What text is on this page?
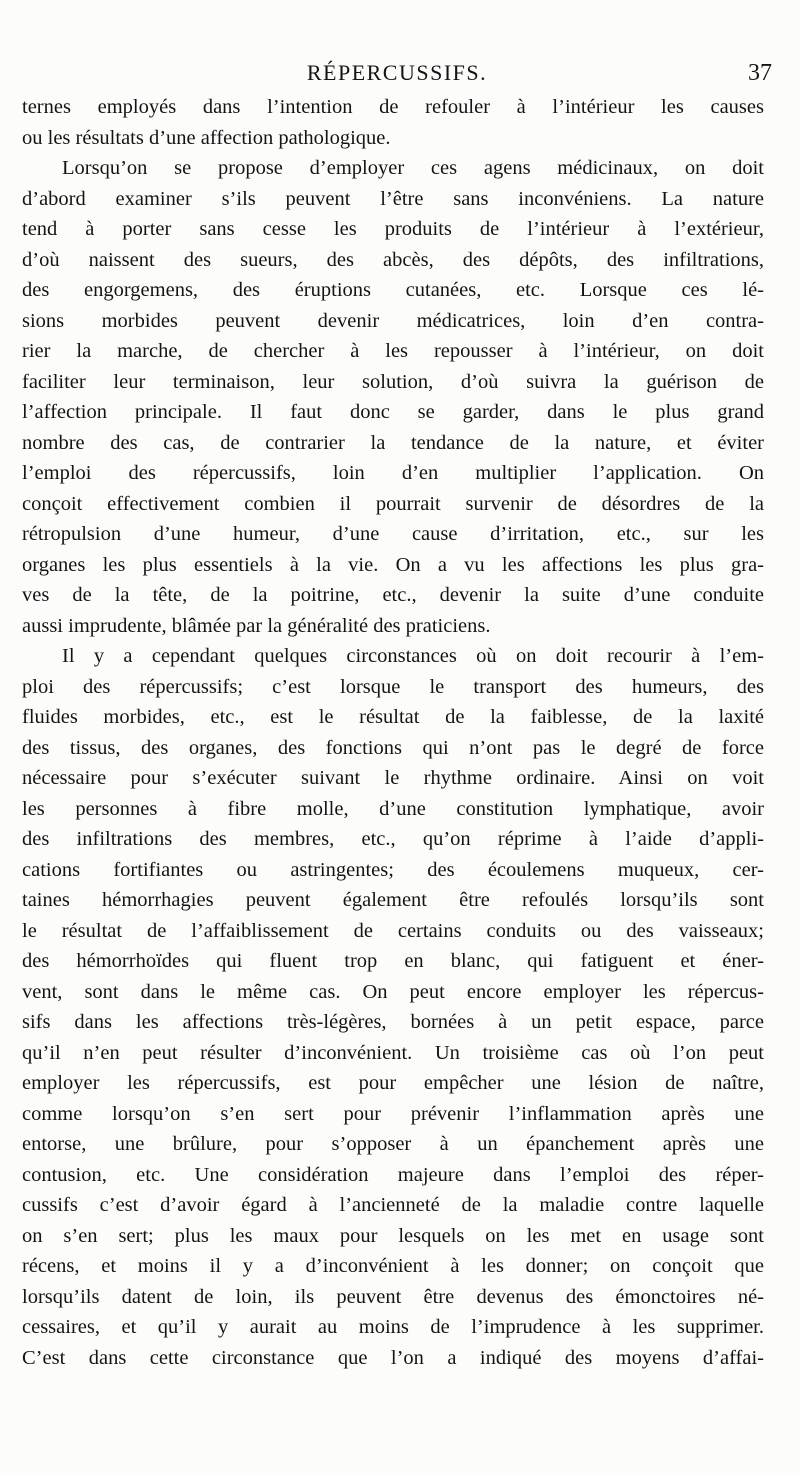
RÉPERCUSSIFS.	37
ternes employés dans l’intention de refouler à l’intérieur les causes
ou les résultats d’une affection pathologique.
Lorsqu’on se propose d’employer ces agens médicinaux, on doit
d’abord examiner s’ils peuvent l’être sans inconvéniens. La nature
tend à porter sans cesse les produits de l’intérieur à l’extérieur,
d’où naissent des sueurs, des abcès, des dépôts, des infiltrations,
des engorgemens, des éruptions cutanées, etc. Lorsque ces lé-
sions morbides peuvent devenir médicatrices, loin d’en contra-
rier la marche, de chercher à les repousser à l’intérieur, on doit
faciliter leur terminaison, leur solution, d’où suivra la guérison de
l’affection principale. Il faut donc se garder, dans le plus grand
nombre des cas, de contrarier la tendance de la nature, et éviter
l’emploi des répercussifs, loin d’en multiplier l’application. On
conçoit effectivement combien il pourrait survenir de désordres de la
rétropulsion d’une humeur, d’une cause d’irritation, etc., sur les
organes les plus essentiels à la vie. On a vu les affections les plus gra-
ves de la tête, de la poitrine, etc., devenir la suite d’une conduite
aussi imprudente, blâmée par la généralité des praticiens.
Il y a cependant quelques circonstances où on doit recourir à l’em-
ploi des répercussifs; c’est lorsque le transport des humeurs, des
fluides morbides, etc., est le résultat de la faiblesse, de la laxité
des tissus, des organes, des fonctions qui n’ont pas le degré de force
nécessaire pour s’exécuter suivant le rhythme ordinaire. Ainsi on voit
les personnes à fibre molle, d’une constitution lymphatique, avoir
des infiltrations des membres, etc., qu’on réprime à l’aide d’appli-
cations fortifiantes ou astringentes; des écoulemens muqueux, cer-
taines hémorrhagies peuvent également être refoulés lorsqu’ils sont
le résultat de l’affaiblissement de certains conduits ou des vaisseaux;
des hémorrhoïdes qui fluent trop en blanc, qui fatiguent et éner-
vent, sont dans le même cas. On peut encore employer les répercus-
sifs dans les affections très-légères, bornées à un petit espace, parce
qu’il n’en peut résulter d’inconvénient. Un troisième cas où l’on peut
employer les répercussifs, est pour empêcher une lésion de naître,
comme lorsqu’on s’en sert pour prévenir l’inflammation après une
entorse, une brûlure, pour s’opposer à un épanchement après une
contusion, etc. Une considération majeure dans l’emploi des réper-
cussifs c’est d’avoir égard à l’ancienneté de la maladie contre laquelle
on s’en sert; plus les maux pour lesquels on les met en usage sont
récens, et moins il y a d’inconvénient à les donner; on conçoit que
lorsqu’ils datent de loin, ils peuvent être devenus des émonctoires né-
cessaires, et qu’il y aurait au moins de l’imprudence à les supprimer.
C’est dans cette circonstance que l’on a indiqué des moyens d’affai-
